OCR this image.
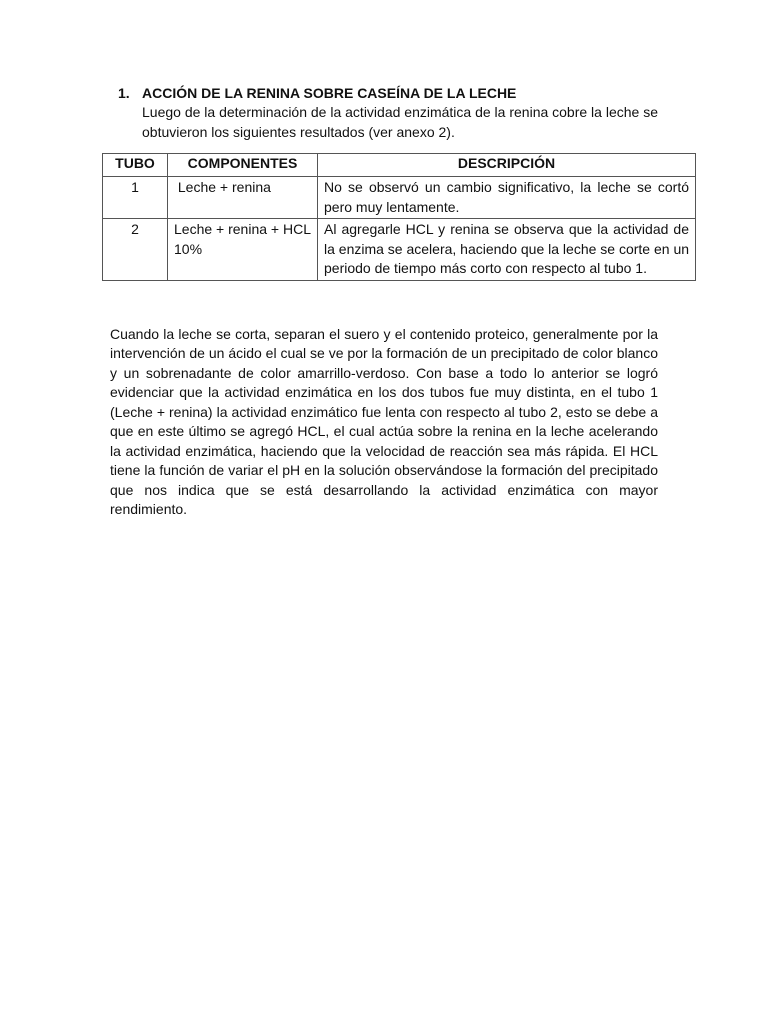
1. ACCIÓN DE LA RENINA SOBRE CASEÍNA DE LA LECHE
Luego de la determinación de la actividad enzimática de la renina cobre la leche se obtuvieron los siguientes resultados (ver anexo 2).
TUBO	COMPONENTES	DESCRIPCIÓN
1	Leche + renina	No se observó un cambio significativo, la leche se cortó pero muy lentamente.
2	Leche + renina + HCL 10%	Al agregarle HCL y renina se observa que la actividad de la enzima se acelera, haciendo que la leche se corte en un periodo de tiempo más corto con respecto al tubo 1.
Cuando la leche se corta, separan el suero y el contenido proteico, generalmente por la intervención de un ácido el cual se ve por la formación de un precipitado de color blanco y un sobrenadante de color amarrillo-verdoso. Con base a todo lo anterior se logró evidenciar que la actividad enzimática en los dos tubos fue muy distinta, en el tubo 1 (Leche + renina) la actividad enzimático fue lenta con respecto al tubo 2, esto se debe a que en este último se agregó HCL, el cual actúa sobre la renina en la leche acelerando la actividad enzimática, haciendo que la velocidad de reacción sea más rápida. El HCL tiene la función de variar el pH en la solución observándose la formación del precipitado que nos indica que se está desarrollando la actividad enzimática con mayor rendimiento.
